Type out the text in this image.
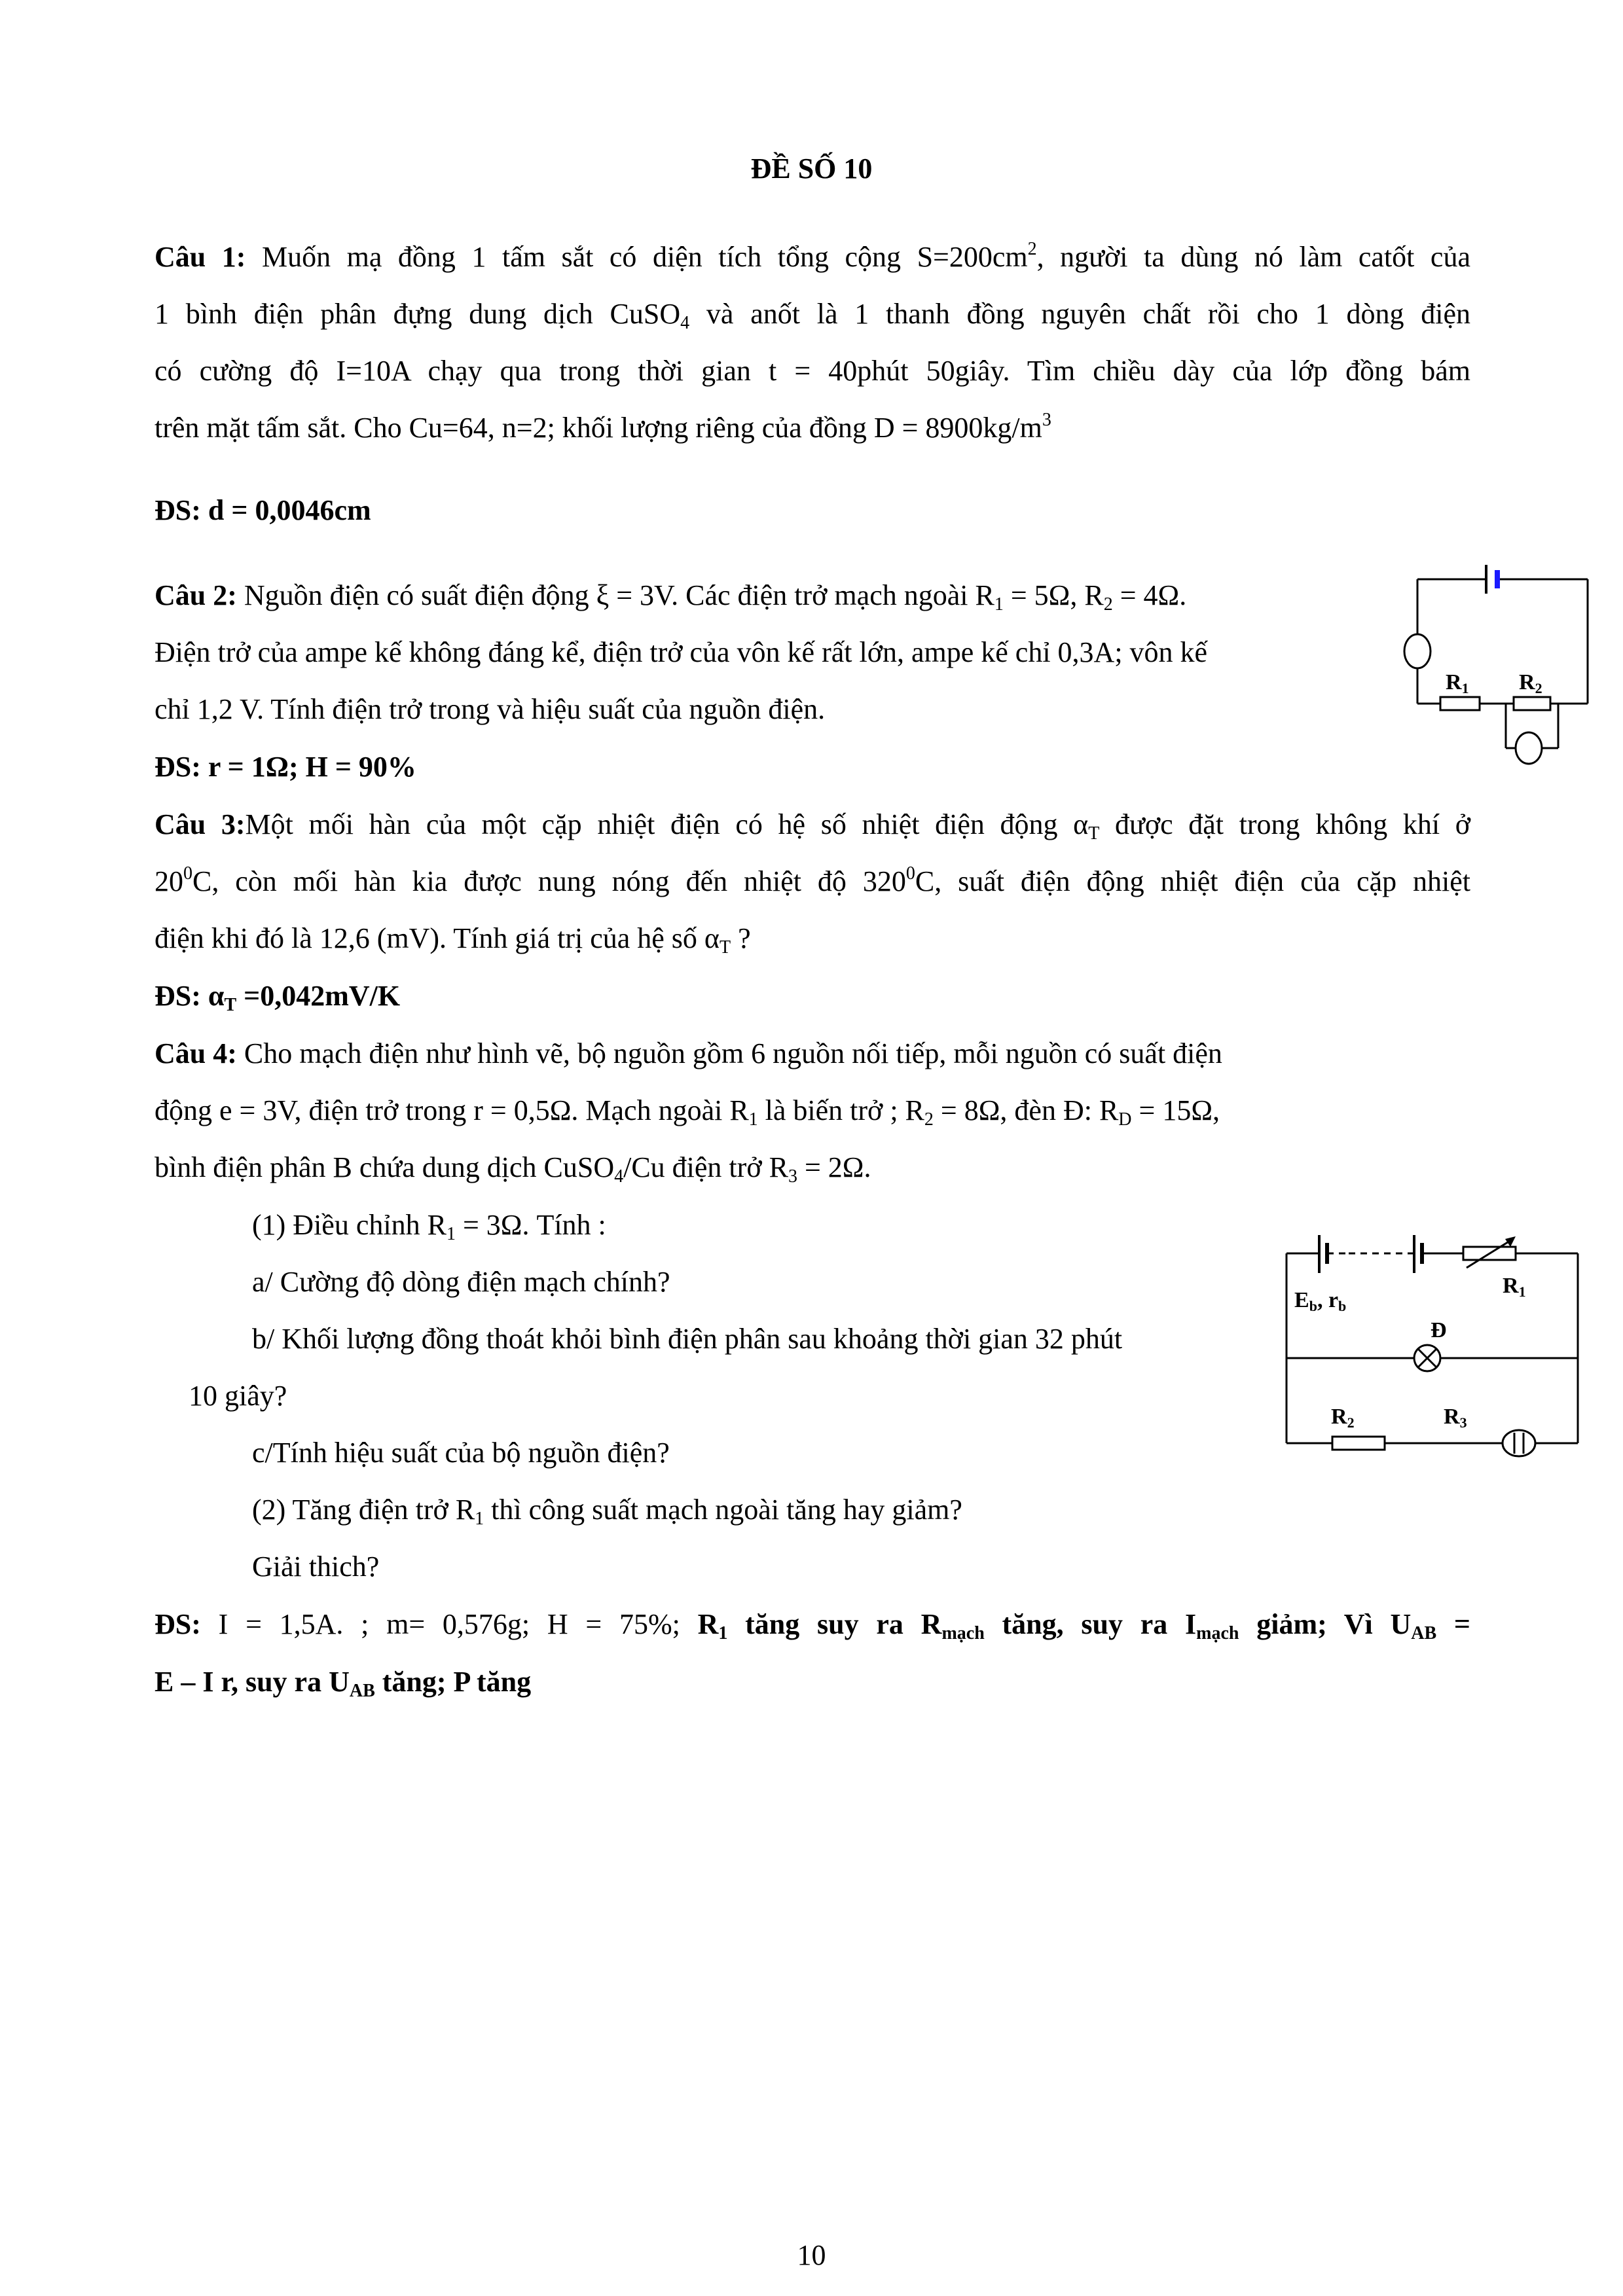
ĐỀ SỐ 10
Câu 1: Muốn mạ đồng 1 tấm sắt có diện tích tổng cộng $S=200cm^2$, người ta dùng nó làm catốt của
1 bình điện phân đựng dung dịch CuSO$_4$ và anốt là 1 thanh đồng nguyên chất rồi cho 1 dòng điện
có cường độ I=10A chạy qua trong thời gian t = 40phút 50giây. Tìm chiều dày của lớp đồng bám
trên mặt tấm sắt. Cho Cu=64, n=2; khối lượng riêng của đồng $D = 8900kg/m^3$
ĐS: d = 0,0046cm
Câu 2: Nguồn điện có suất điện động ξ = 3V. Các điện trở mạch ngoài $R_1 = 5\Omega$, $R_2 = 4\Omega$.
Điện trở của ampe kế không đáng kể, điện trở của vôn kế rất lớn, ampe kế chỉ 0,3A; vôn kế
chỉ 1,2 V. Tính điện trở trong và hiệu suất của nguồn điện.
ĐS: r = 1Ω; H = 90%
R1 R2
Câu 3:Một mối hàn của một cặp nhiệt điện có hệ số nhiệt điện động $\alpha_T$ được đặt trong không khí ở
$20^0C$, còn mối hàn kia được nung nóng đến nhiệt độ $320^0C$, suất điện động nhiệt điện của cặp nhiệt
điện khi đó là 12,6 (mV). Tính giá trị của hệ số $\alpha_T$ ?
ĐS: $\alpha_T =0,042mV/K$
Câu 4: Cho mạch điện như hình vẽ, bộ nguồn gồm 6 nguồn nối tiếp, mỗi nguồn có suất điện
động e = 3V, điện trở trong r = 0,5Ω. Mạch ngoài $R_1$ là biến trở ; $R_2 = 8\Omega$, đèn Đ: $R_D = 15\Omega$,
bình điện phân B chứa dung dịch CuSO$_4$/Cu điện trở $R_3 = 2\Omega$.
(1) Điều chỉnh $R_1 = 3\Omega$. Tính :
a/ Cường độ dòng điện mạch chính?
b/ Khối lượng đồng thoát khỏi bình điện phân sau khoảng thời gian 32 phút
10 giây?
c/Tính hiệu suất của bộ nguồn điện?
(2) Tăng điện trở $R_1$ thì công suất mạch ngoài tăng hay giảm?
Giải thich?
ĐS: I = 1,5A. ; m= 0,576g; H = 75%; $R_1$ tăng suy ra $R_{mạch}$ tăng, suy ra $I_{mạch}$ giảm; Vì $U_{AB}$ =
E – I r, suy ra $U_{AB}$ tăng; P tăng
Eb, rb
R1
Đ
R2	R3
10
